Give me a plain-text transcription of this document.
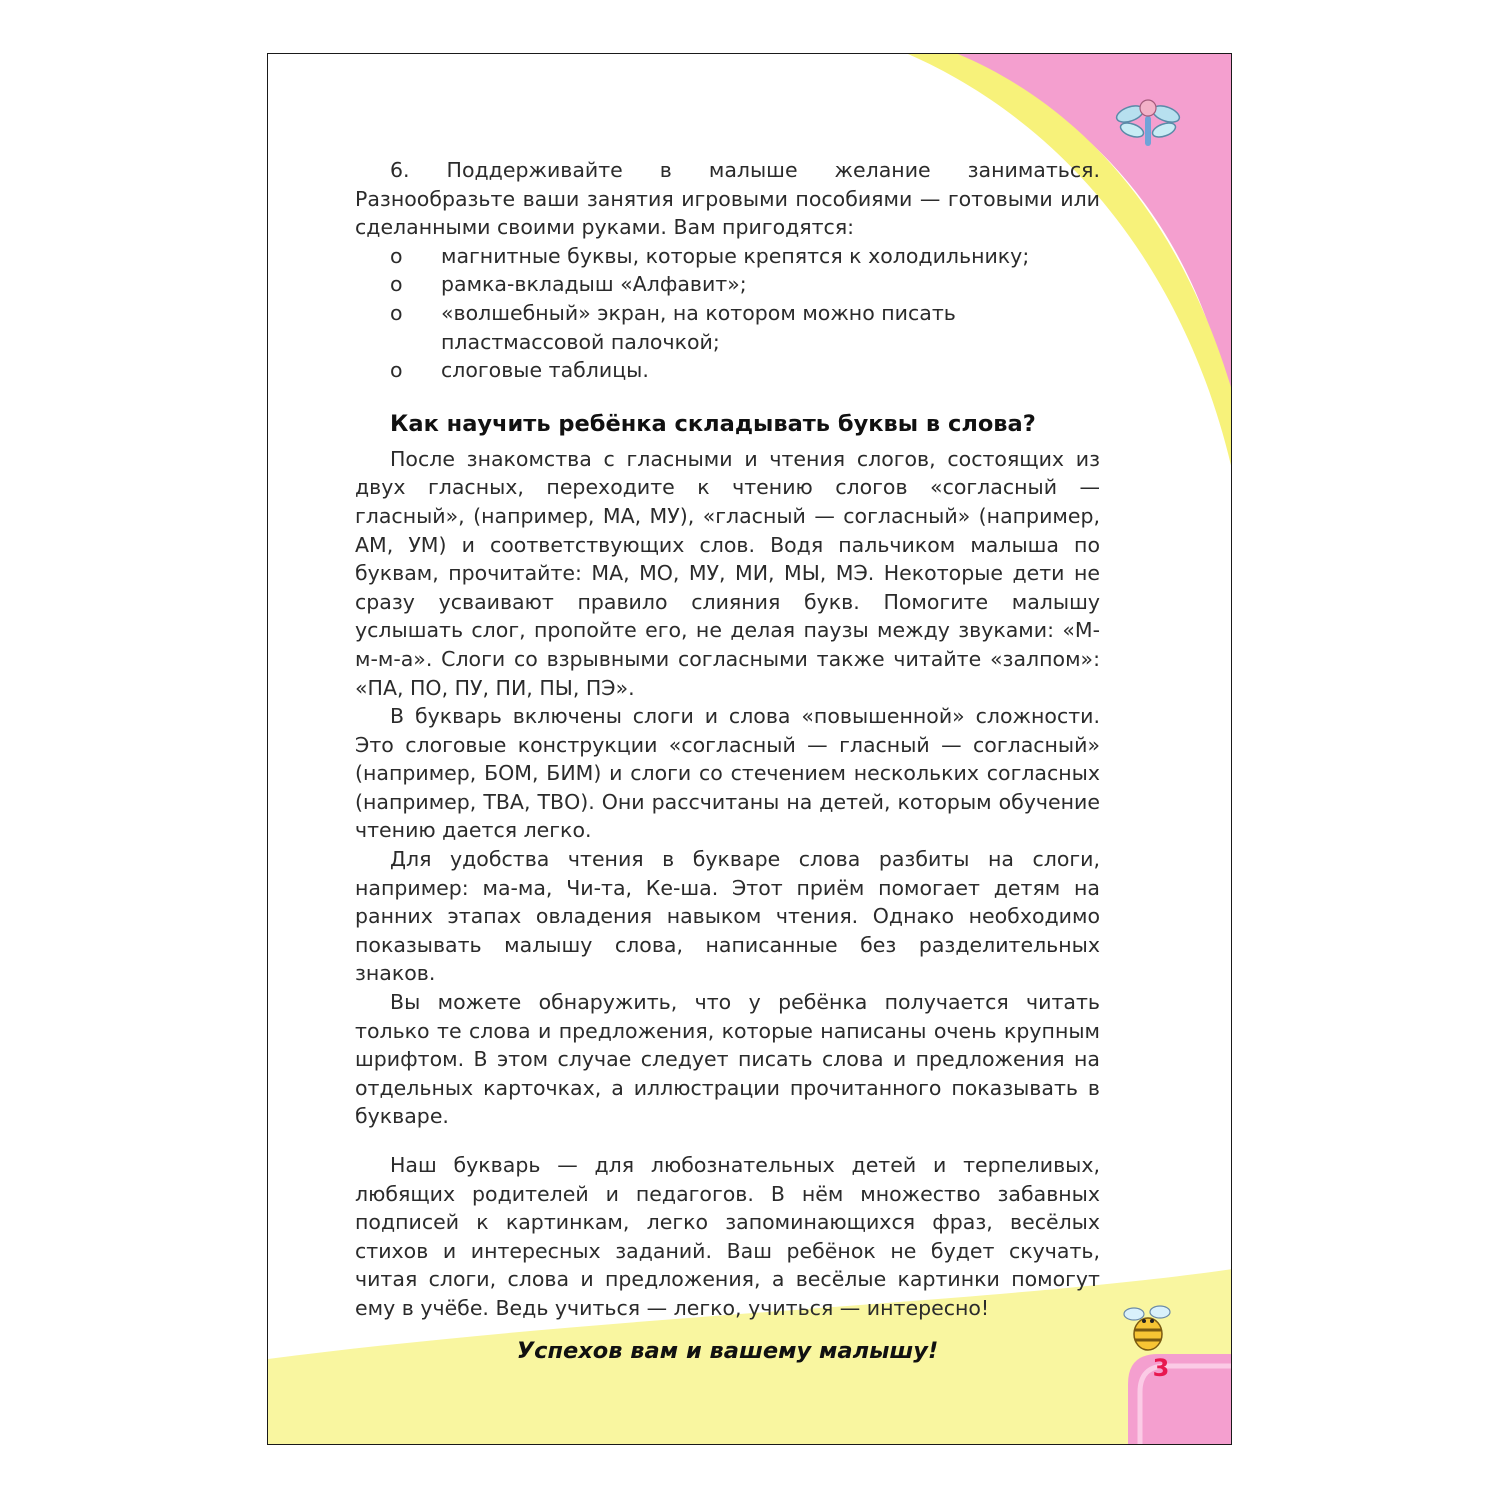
6. Поддерживайте в малыше желание заниматься. Разнообразьте ваши занятия игровыми пособиями — готовыми или сделанными своими руками. Вам пригодятся:

o	магнитные буквы, которые крепятся к холодильнику;
o	рамка-вкладыш «Алфавит»;
o	«волшебный» экран, на котором можно писать пластмассовой палочкой;
o	слоговые таблицы.
Как научить ребёнка складывать буквы в слова?

После знакомства с гласными и чтения слогов, состоящих из двух гласных, переходите к чтению слогов «согласный — гласный», (например, МА, МУ), «гласный — согласный» (например, АМ, УМ) и соответствующих слов. Водя пальчиком малыша по буквам, прочитайте: МА, МО, МУ, МИ, МЫ, МЭ. Некоторые дети не сразу усваивают правило слияния букв. Помогите малышу услышать слог, пропойте его, не делая паузы между звуками: «М-м-м-а». Слоги со взрывными согласными также читайте «залпом»: «ПА, ПО, ПУ, ПИ, ПЫ, ПЭ».

В букварь включены слоги и слова «повышенной» сложности. Это слоговые конструкции «согласный — гласный — согласный» (например, БОМ, БИМ) и слоги со стечением нескольких согласных (например, ТВА, ТВО). Они рассчитаны на детей, которым обучение чтению дается легко.

Для удобства чтения в букваре слова разбиты на слоги, например: ма-ма, Чи-та, Ке-ша. Этот приём помогает детям на ранних этапах овладения навыком чтения. Однако необходимо показывать малышу слова, написанные без разделительных знаков.

Вы можете обнаружить, что у ребёнка получается читать только те слова и предложения, которые написаны очень крупным шрифтом. В этом случае следует писать слова и предложения на отдельных карточках, а иллюстрации прочитанного показывать в букваре.

Наш букварь — для любознательных детей и терпеливых, любящих родителей и педагогов. В нём множество забавных подписей к картинкам, легко запоминающихся фраз, весёлых стихов и интересных заданий. Ваш ребёнок не будет скучать, читая слоги, слова и предложения, а весёлые картинки помогут ему в учёбе. Ведь учиться — легко, учиться — интересно!

Успехов вам и вашему малышу!
3
